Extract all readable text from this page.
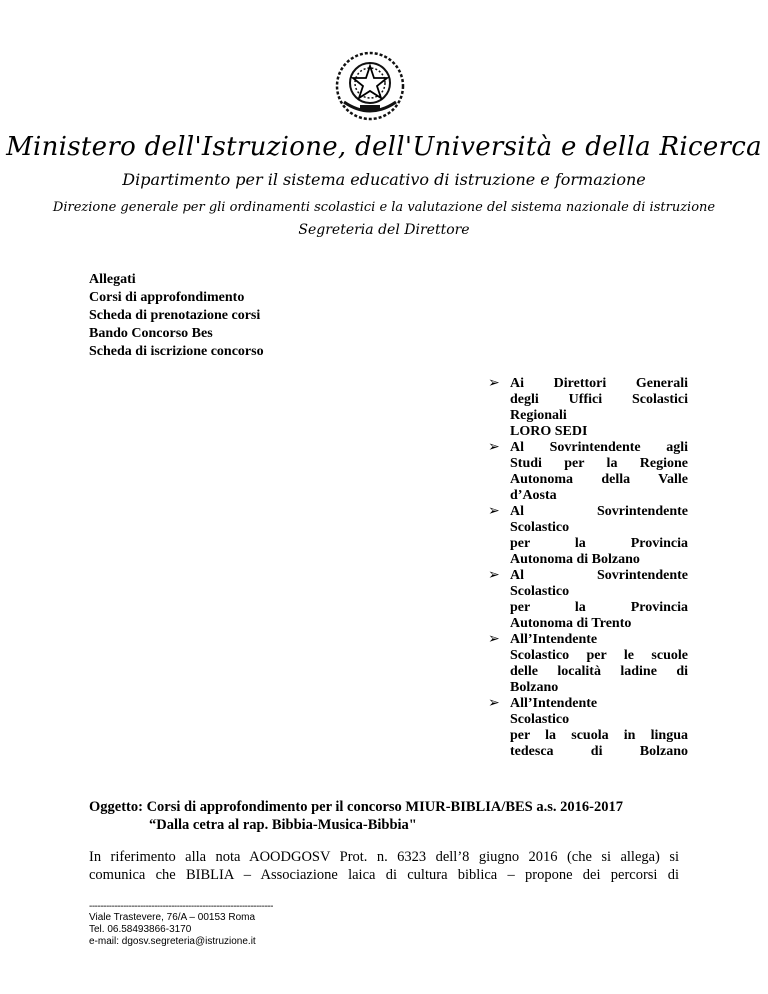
Ministero dell'Istruzione, dell'Università e della Ricerca
Dipartimento per il sistema educativo di istruzione e formazione
Direzione generale per gli ordinamenti scolastici e la valutazione del sistema nazionale di istruzione
Segreteria del Direttore
Allegati
Corsi di approfondimento
Scheda di prenotazione corsi
Bando Concorso Bes
Scheda di iscrizione concorso
➢ Ai Direttori Generali
degli Uffici Scolastici
Regionali
LORO SEDI
➢ Al Sovrintendente agli
Studi per la Regione
Autonoma della Valle
d’Aosta
➢ Al Sovrintendente
Scolastico
per la Provincia
Autonoma di Bolzano
➢ Al Sovrintendente
Scolastico
per la Provincia
Autonoma di Trento
➢ All’Intendente
Scolastico per le scuole
delle località ladine di
Bolzano
➢ All’Intendente
Scolastico
per la scuola in lingua
tedesca di Bolzano
Oggetto: Corsi di approfondimento per il concorso MIUR-BIBLIA/BES a.s. 2016-2017
“Dalla cetra al rap. Bibbia-Musica-Bibbia"
In riferimento alla nota AOODGOSV Prot. n. 6323 dell’8 giugno 2016 (che si allega) si
comunica che BIBLIA – Associazione laica di cultura biblica – propone dei percorsi di
-----------------------------------------------------------------
Viale Trastevere, 76/A – 00153 Roma
Tel. 06.58493866-3170
e-mail: dgosv.segreteria@istruzione.it
